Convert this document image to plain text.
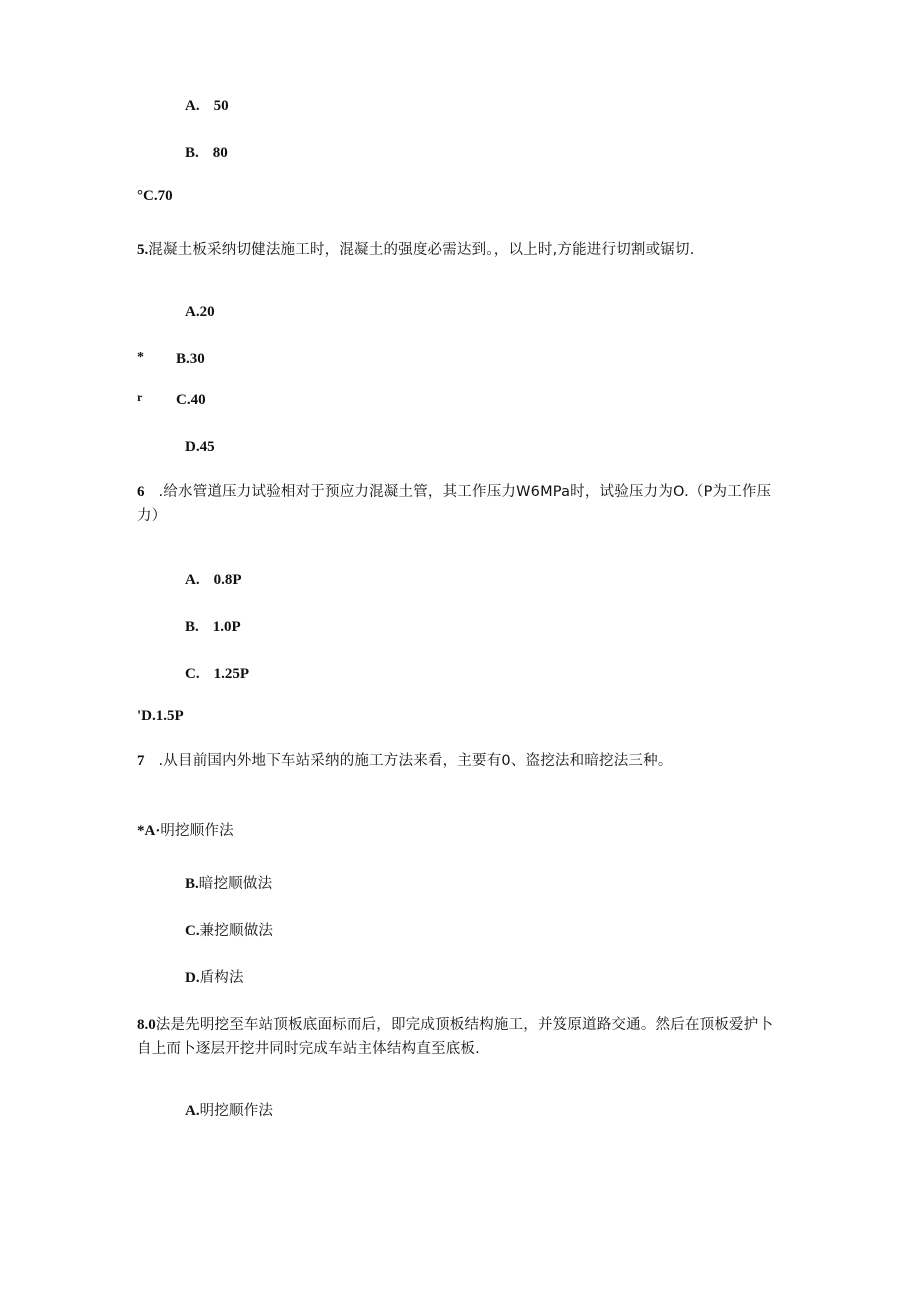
A. 50
B. 80
°C.70
5.混凝土板采纳切健法施工时，混凝土的强度必需达到。，以上时,方能进行切割或锯切.
A.20
* B.30
r C.40
D.45
6 .给水管道压力试验相对于预应力混凝土管，其工作压力W6MPa时，试验压力为O.（P为工作压力）
A. 0.8P
B. 1.0P
C. 1.25P
'D.1.5P
7 .从目前国内外地下车站采纳的施工方法来看，主要有0、盗挖法和暗挖法三种。
*A·明挖顺作法
B.暗挖顺做法
C.兼挖顺做法
D.盾构法
8.0法是先明挖至车站顶板底面标而后，即完成顶板结构施工，并笈原道路交通。然后在顶板爱护卜自上而卜逐层开挖井同时完成车站主体结构直至底板.
A.明挖顺作法
